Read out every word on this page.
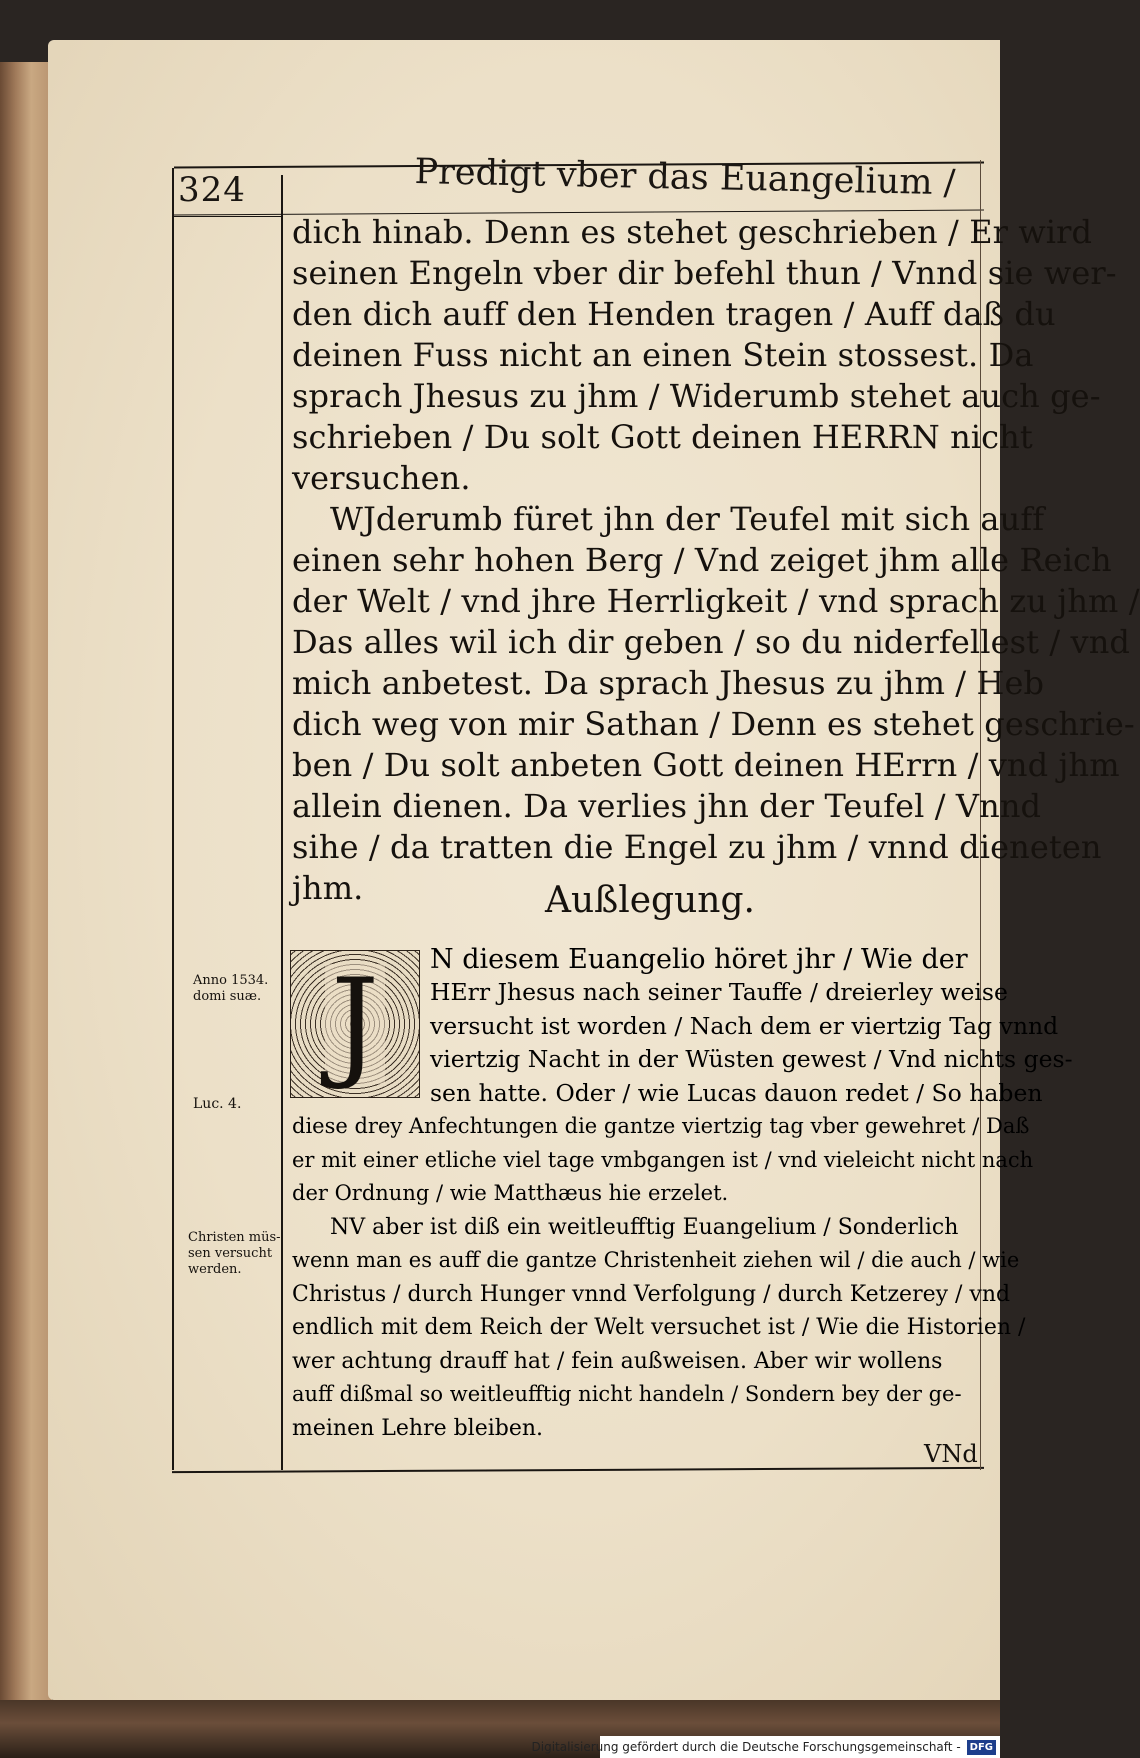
324	Predigt vber das Euangelium /
dich hinab. Denn es stehet geschrieben / Er wird
seinen Engeln vber dir befehl thun / Vnnd sie wer-
den dich auff den Henden tragen / Auff daß du
deinen Fuss nicht an einen Stein stossest. Da
sprach Jhesus zu jhm / Widerumb stehet auch ge-
schrieben / Du solt Gott deinen HERRN nicht
versuchen.
WJderumb füret jhn der Teufel mit sich auff
einen sehr hohen Berg / Vnd zeiget jhm alle Reich
der Welt / vnd jhre Herrligkeit / vnd sprach zu jhm /
Das alles wil ich dir geben / so du niderfellest / vnd
mich anbetest. Da sprach Jhesus zu jhm / Heb
dich weg von mir Sathan / Denn es stehet geschrie-
ben / Du solt anbeten Gott deinen HErrn / vnd jhm
allein dienen. Da verlies jhn der Teufel / Vnnd
sihe / da tratten die Engel zu jhm / vnnd dieneten
jhm.	Außlegung.
J	N diesem Euangelio höret jhr / Wie der
HErr Jhesus nach seiner Tauffe / dreierley weise
versucht ist worden / Nach dem er viertzig Tag vnnd
viertzig Nacht in der Wüsten gewest / Vnd nichts ges-
sen hatte. Oder / wie Lucas dauon redet / So haben
diese drey Anfechtungen die gantze viertzig tag vber gewehret / Daß
er mit einer etliche viel tage vmbgangen ist / vnd vieleicht nicht nach
der Ordnung / wie Matthæus hie erzelet.
NV aber ist diß ein weitleufftig Euangelium / Sonderlich
wenn man es auff die gantze Christenheit ziehen wil / die auch / wie
Christus / durch Hunger vnnd Verfolgung / durch Ketzerey / vnd
endlich mit dem Reich der Welt versuchet ist / Wie die Historien /
wer achtung drauff hat / fein außweisen. Aber wir wollens
auff dißmal so weitleufftig nicht handeln / Sondern bey der ge-
meinen Lehre bleiben.
Anno 1534.
domi suæ.
Luc. 4.
Christen müs-
sen versucht
werden.
VNd
Digitalisierung gefördert durch die Deutsche Forschungsgemeinschaft - DFG
